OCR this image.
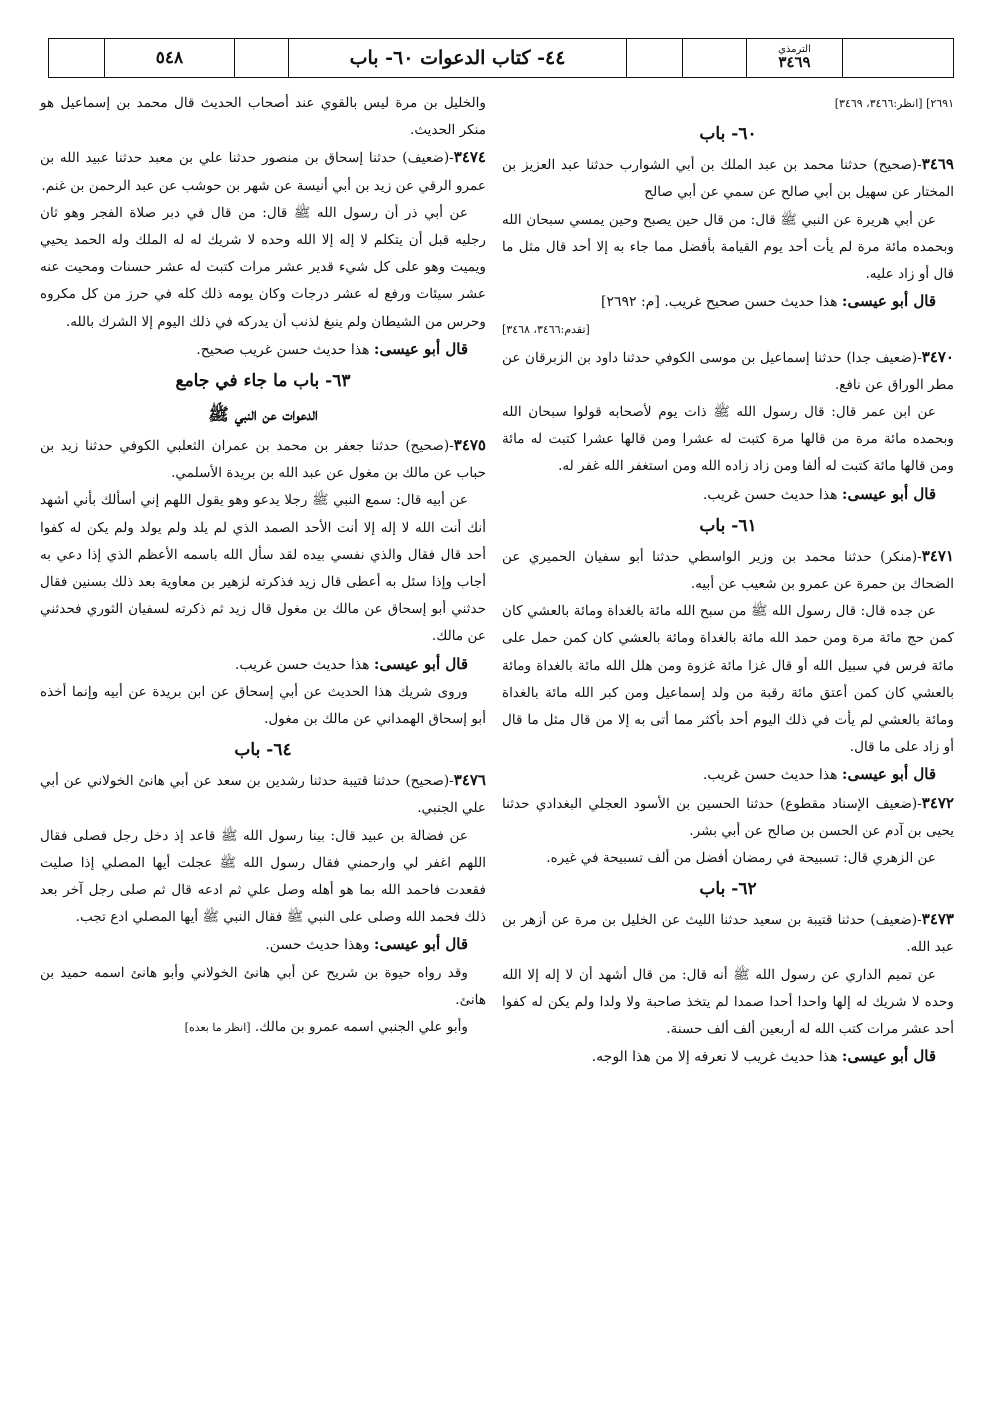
٥٤٨	٤٤- كتاب الدعوات ٦٠- باب	الترمذي
٣٤٦٩

٢٦٩١] [انظر:٣٤٦٦، ٣٤٦٩]

٦٠- باب

٣٤٦٩-(صحيح) حدثنا محمد بن عبد الملك بن أبي الشوارب حدثنا عبد العزيز بن المختار عن سهيل بن أبي صالح عن سمي عن أبي صالح

عن أبي هريرة عن النبي ﷺ قال: من قال حين يصبح وحين يمسي سبحان الله وبحمده مائة مرة لم يأت أحد يوم القيامة بأفضل مما جاء به إلا أحد قال مثل ما قال أو زاد عليه.

قال أبو عيسى: هذا حديث حسن صحيح غريب. [م: ٢٦٩٢]

[تقدم:٣٤٦٦، ٣٤٦٨]

٣٤٧٠-(ضعيف جدا) حدثنا إسماعيل بن موسى الكوفي حدثنا داود بن الزبرقان عن مطر الوراق عن نافع.

عن ابن عمر قال: قال رسول الله ﷺ ذات يوم لأصحابه قولوا سبحان الله وبحمده مائة مرة من قالها مرة كتبت له عشرا ومن قالها عشرا كتبت له مائة ومن قالها مائة كتبت له ألفا ومن زاد زاده الله ومن استغفر الله غفر له.

قال أبو عيسى: هذا حديث حسن غريب.

٦١- باب

٣٤٧١-(منكر) حدثنا محمد بن وزير الواسطي حدثنا أبو سفيان الحميري عن الضحاك بن حمرة عن عمرو بن شعيب عن أبيه.

عن جده قال: قال رسول الله ﷺ من سبح الله مائة بالغداة ومائة بالعشي كان كمن حج مائة مرة ومن حمد الله مائة بالغداة ومائة بالعشي كان كمن حمل على مائة فرس في سبيل الله أو قال غزا مائة غزوة ومن هلل الله مائة بالغداة ومائة بالعشي كان كمن أعتق مائة رقبة من ولد إسماعيل ومن كبر الله مائة بالغداة ومائة بالعشي لم يأت في ذلك اليوم أحد بأكثر مما أتى به إلا من قال مثل ما قال أو زاد على ما قال.

قال أبو عيسى: هذا حديث حسن غريب.

٣٤٧٢-(ضعيف الإسناد مقطوع) حدثنا الحسين بن الأسود العجلي البغدادي حدثنا يحيى بن آدم عن الحسن بن صالح عن أبي بشر.

عن الزهري قال: تسبيحة في رمضان أفضل من ألف تسبيحة في غيره.

٦٢- باب

٣٤٧٣-(ضعيف) حدثنا قتيبة بن سعيد حدثنا الليث عن الخليل بن مرة عن أزهر بن عبد الله.

عن تميم الداري عن رسول الله ﷺ أنه قال: من قال أشهد أن لا إله إلا الله وحده لا شريك له إلها واحدا أحدا صمدا لم يتخذ صاحبة ولا ولدا ولم يكن له كفوا أحد عشر مرات كتب الله له أربعين ألف ألف حسنة.

قال أبو عيسى: هذا حديث غريب لا نعرفه إلا من هذا الوجه.

والخليل بن مرة ليس بالقوي عند أصحاب الحديث قال محمد بن إسماعيل هو منكر الحديث.

٣٤٧٤-(ضعيف) حدثنا إسحاق بن منصور حدثنا علي بن معبد حدثنا عبيد الله بن عمرو الرقي عن زيد بن أبي أنيسة عن شهر بن حوشب عن عبد الرحمن بن غنم.

عن أبي ذر أن رسول الله ﷺ قال: من قال في دبر صلاة الفجر وهو ثان رجليه قبل أن يتكلم لا إله إلا الله وحده لا شريك له له الملك وله الحمد يحيي ويميت وهو على كل شيء قدير عشر مرات كتبت له عشر حسنات ومحيت عنه عشر سيئات ورفع له عشر درجات وكان يومه ذلك كله في حرز من كل مكروه وحرس من الشيطان ولم ينبغ لذنب أن يدركه في ذلك اليوم إلا الشرك بالله.

قال أبو عيسى: هذا حديث حسن غريب صحيح.

٦٣- باب ما جاء في جامع

الدعوات عن النبي ﷺ

٣٤٧٥-(صحيح) حدثنا جعفر بن محمد بن عمران الثعلبي الكوفي حدثنا زيد بن حباب عن مالك بن مغول عن عبد الله بن بريدة الأسلمي.

عن أبيه قال: سمع النبي ﷺ رجلا يدعو وهو يقول اللهم إني أسألك بأني أشهد أنك أنت الله لا إله إلا أنت الأحد الصمد الذي لم يلد ولم يولد ولم يكن له كفوا أحد قال فقال والذي نفسي بيده لقد سأل الله باسمه الأعظم الذي إذا دعي به أجاب وإذا سئل به أعطى قال زيد فذكرته لزهير بن معاوية بعد ذلك بسنين فقال حدثني أبو إسحاق عن مالك بن مغول قال زيد ثم ذكرته لسفيان الثوري فحدثني عن مالك.

قال أبو عيسى: هذا حديث حسن غريب.

وروى شريك هذا الحديث عن أبي إسحاق عن ابن بريدة عن أبيه وإنما أخذه أبو إسحاق الهمداني عن مالك بن مغول.

٦٤- باب

٣٤٧٦-(صحيح) حدثنا قتيبة حدثنا رشدين بن سعد عن أبي هانئ الخولاني عن أبي علي الجنبي.

عن فضالة بن عبيد قال: بينا رسول الله ﷺ قاعد إذ دخل رجل فصلى فقال اللهم اغفر لي وارحمني فقال رسول الله ﷺ عجلت أيها المصلي إذا صليت فقعدت فاحمد الله بما هو أهله وصل علي ثم ادعه قال ثم صلى رجل آخر بعد ذلك فحمد الله وصلى على النبي ﷺ فقال النبي ﷺ أيها المصلي ادع تجب.

قال أبو عيسى: وهذا حديث حسن.

وقد رواه حيوة بن شريح عن أبي هانئ الخولاني وأبو هانئ اسمه حميد بن هانئ.

وأبو علي الجنبي اسمه عمرو بن مالك. [انظر ما بعده]
